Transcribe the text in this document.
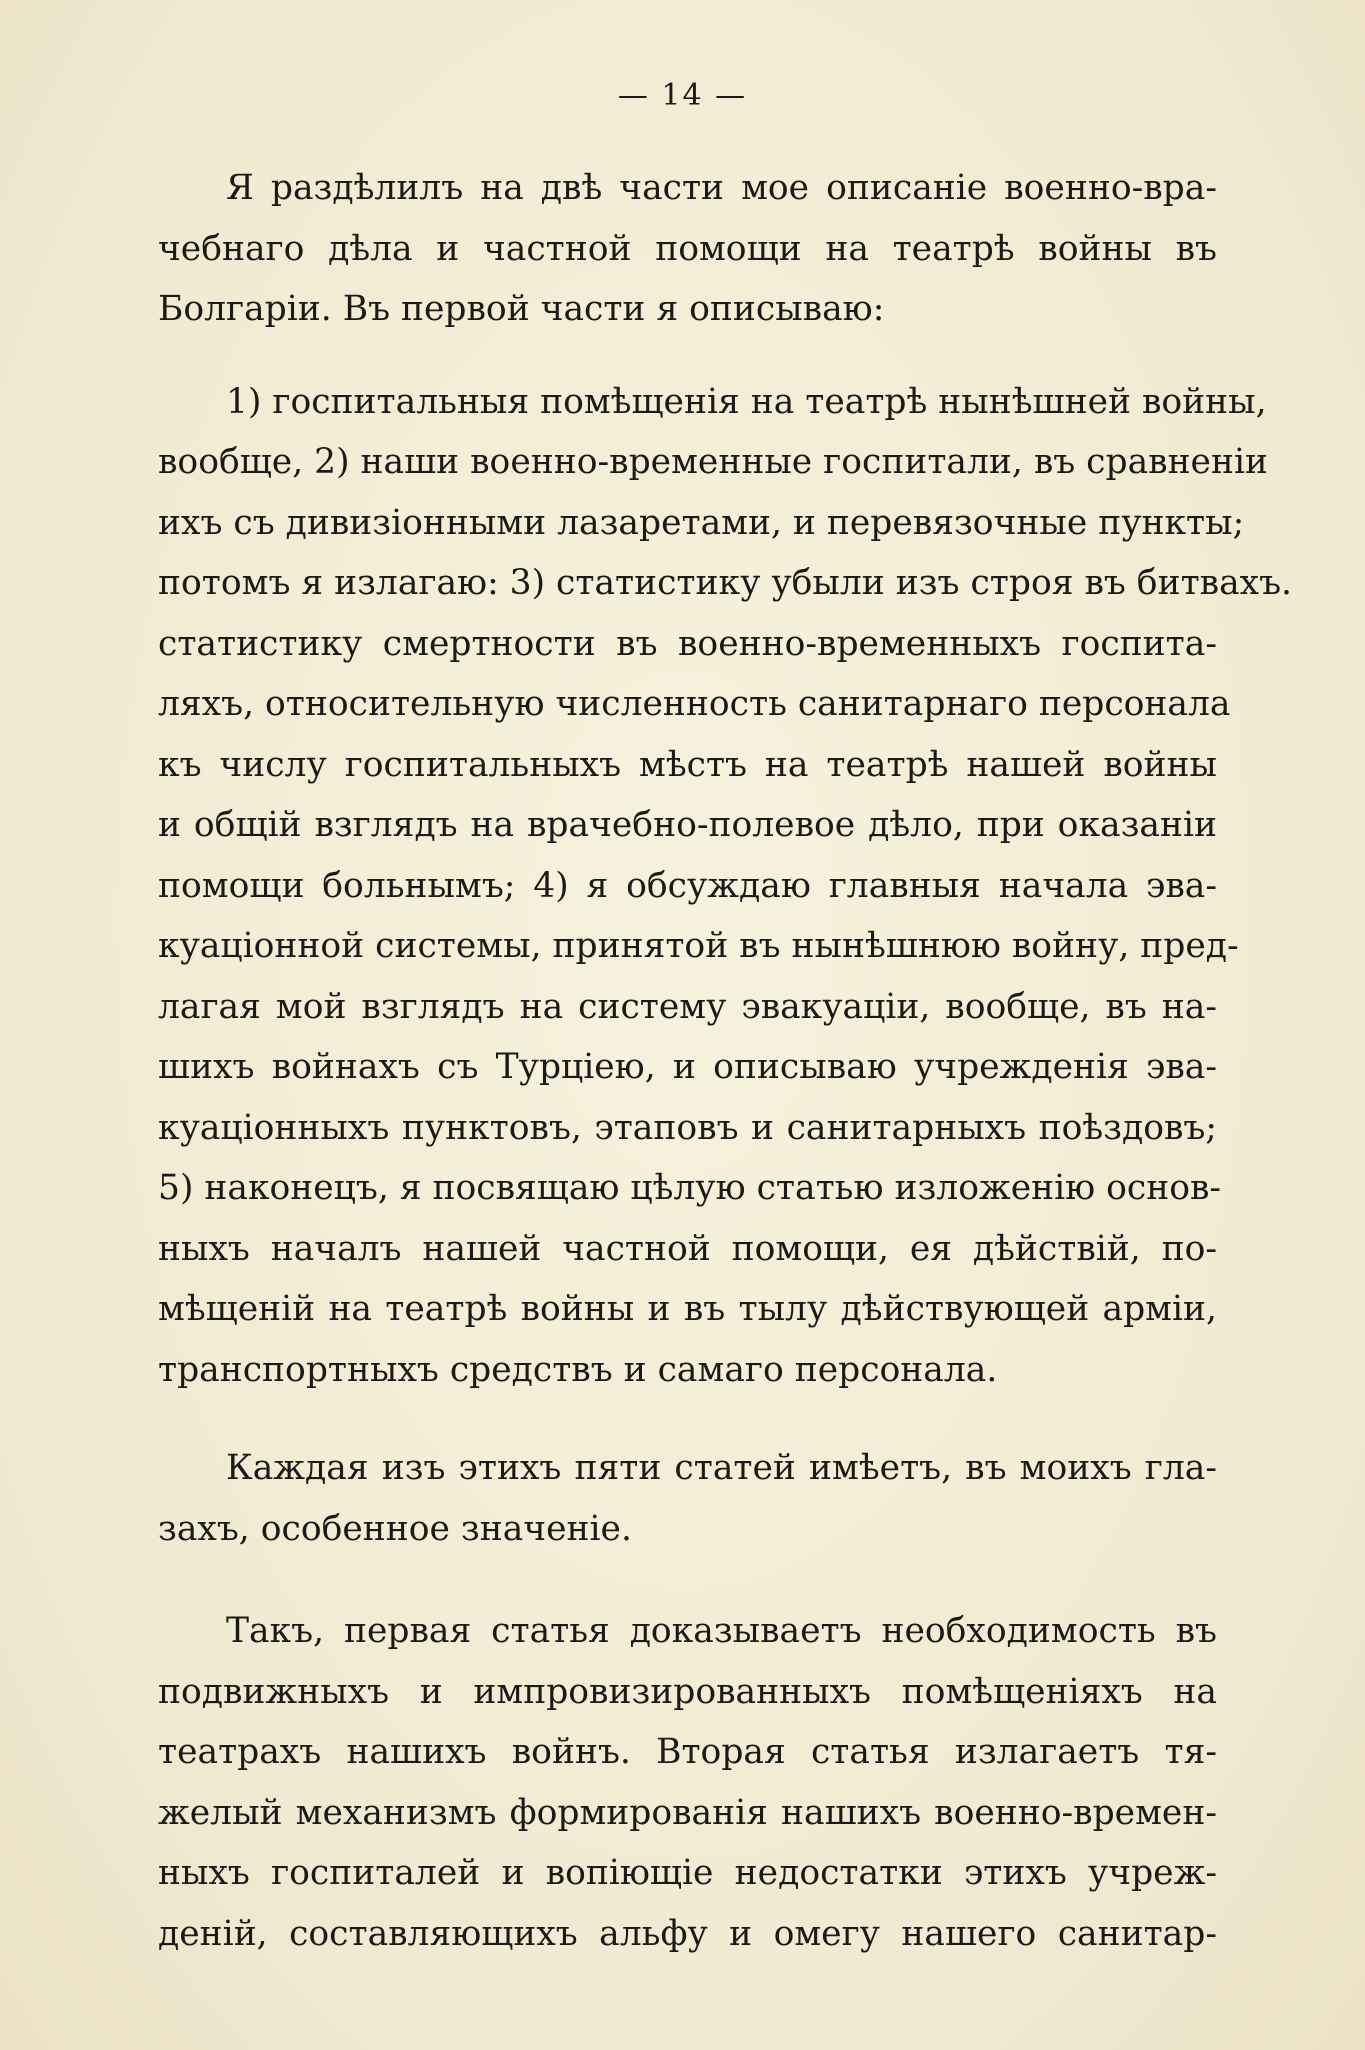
— 14 —
Я раздѣлилъ на двѣ части мое описаніе военно-вра-
чебнаго дѣла и частной помощи на театрѣ войны въ
Болгаріи. Въ первой части я описываю:
1) госпитальныя помѣщенія на театрѣ нынѣшней войны,
вообще, 2) наши военно-временные госпитали, въ сравненіи
ихъ съ дивизіонными лазаретами, и перевязочные пункты;
потомъ я излагаю: 3) статистику убыли изъ строя въ битвахъ.
статистику смертности въ военно-временныхъ госпита-
ляхъ, относительную численность санитарнаго персонала
къ числу госпитальныхъ мѣстъ на театрѣ нашей войны
и общій взглядъ на врачебно-полевое дѣло, при оказаніи
помощи больнымъ; 4) я обсуждаю главныя начала эва-
куаціонной системы, принятой въ нынѣшнюю войну, пред-
лагая мой взглядъ на систему эвакуаціи, вообще, въ на-
шихъ войнахъ съ Турціею, и описываю учрежденія эва-
куаціонныхъ пунктовъ, этаповъ и санитарныхъ поѣздовъ;
5) наконецъ, я посвящаю цѣлую статью изложенію основ-
ныхъ началъ нашей частной помощи, ея дѣйствій, по-
мѣщеній на театрѣ войны и въ тылу дѣйствующей арміи,
транспортныхъ средствъ и самаго персонала.
Каждая изъ этихъ пяти статей имѣетъ, въ моихъ гла-
захъ, особенное значеніе.
Такъ, первая статья доказываетъ необходимость въ
подвижныхъ и импровизированныхъ помѣщеніяхъ на
театрахъ нашихъ войнъ. Вторая статья излагаетъ тя-
желый механизмъ формированія нашихъ военно-времен-
ныхъ госпиталей и вопіющіе недостатки этихъ учреж-
деній, составляющихъ альфу и омегу нашего санитар-
